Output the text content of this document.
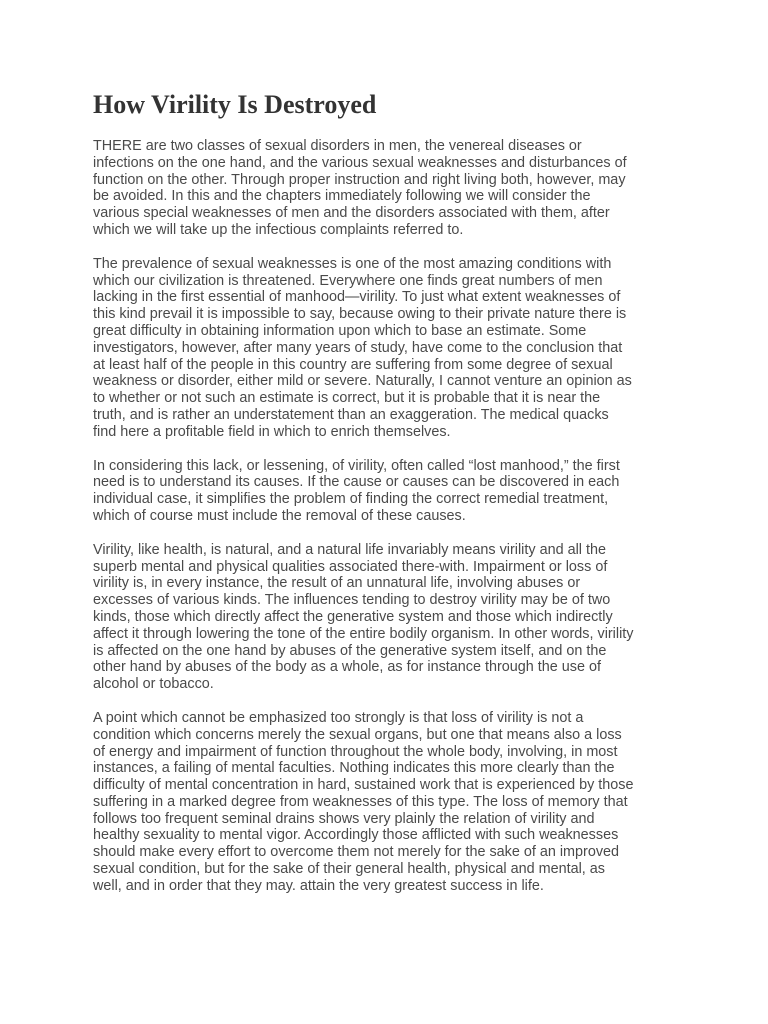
How Virility Is Destroyed

THERE are two classes of sexual disorders in men, the venereal diseases or
infections on the one hand, and the various sexual weaknesses and disturbances of
function on the other. Through proper instruction and right living both, however, may
be avoided. In this and the chapters immediately following we will consider the
various special weaknesses of men and the disorders associated with them, after
which we will take up the infectious complaints referred to.

The prevalence of sexual weaknesses is one of the most amazing conditions with
which our civilization is threatened. Everywhere one finds great numbers of men
lacking in the first essential of manhood—virility. To just what extent weaknesses of
this kind prevail it is impossible to say, because owing to their private nature there is
great difficulty in obtaining information upon which to base an estimate. Some
investigators, however, after many years of study, have come to the conclusion that
at least half of the people in this country are suffering from some degree of sexual
weakness or disorder, either mild or severe. Naturally, I cannot venture an opinion as
to whether or not such an estimate is correct, but it is probable that it is near the
truth, and is rather an understatement than an exaggeration. The medical quacks
find here a profitable field in which to enrich themselves.

In considering this lack, or lessening, of virility, often called “lost manhood,” the first
need is to understand its causes. If the cause or causes can be discovered in each
individual case, it simplifies the problem of finding the correct remedial treatment,
which of course must include the removal of these causes.

Virility, like health, is natural, and a natural life invariably means virility and all the
superb mental and physical qualities associated there-with. Impairment or loss of
virility is, in every instance, the result of an unnatural life, involving abuses or
excesses of various kinds. The influences tending to destroy virility may be of two
kinds, those which directly affect the generative system and those which indirectly
affect it through lowering the tone of the entire bodily organism. In other words, virility
is affected on the one hand by abuses of the generative system itself, and on the
other hand by abuses of the body as a whole, as for instance through the use of
alcohol or tobacco.

A point which cannot be emphasized too strongly is that loss of virility is not a
condition which concerns merely the sexual organs, but one that means also a loss
of energy and impairment of function throughout the whole body, involving, in most
instances, a failing of mental faculties. Nothing indicates this more clearly than the
difficulty of mental concentration in hard, sustained work that is experienced by those
suffering in a marked degree from weaknesses of this type. The loss of memory that
follows too frequent seminal drains shows very plainly the relation of virility and
healthy sexuality to mental vigor. Accordingly those afflicted with such weaknesses
should make every effort to overcome them not merely for the sake of an improved
sexual condition, but for the sake of their general health, physical and mental, as
well, and in order that they may. attain the very greatest success in life.
